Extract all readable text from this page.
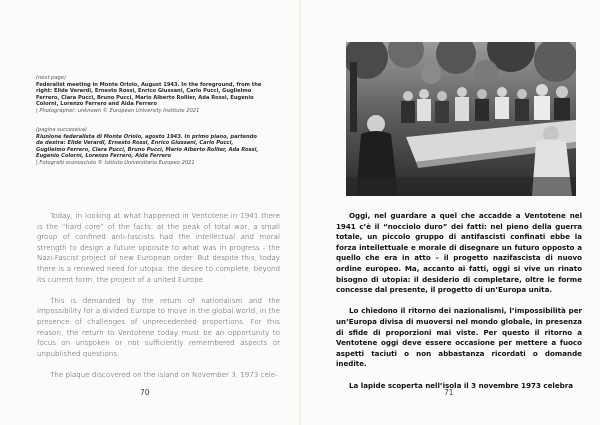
(next page)

Federalist meeting in Monte Oriolo, August 1943. In the foreground, from the right: Elide Verardi, Ernesto Rossi, Enrico Giussani, Carlo Pucci, Guglielmo Ferrero, Clara Pucci, Bruno Pucci, Mario Alberto Rollier, Ada Rossi, Eugenio Colorni, Lorenzo Ferrero and Aida Ferrero

| Photographer: unknown © European University Institute 2021

(pagina successiva)

Riunione federalista di Monte Oriolo, agosto 1943. In primo piano, partendo da destra: Elide Verardi, Ernesto Rossi, Enrico Giussani, Carlo Pucci, Guglielmo Ferrero, Clara Pucci, Bruno Pucci, Mario Alberto Rollier, Ada Rossi, Eugenio Colorni, Lorenzo Ferrero, Aida Ferrero

| Fotografo sconosciuto © Istituto Universitario Europeo 2021

Today, in looking at what happened in Ventotene in 1941 there is the “hard core” of the facts: at the peak of total war, a small group of confined anti-fascists had the intellectual and moral strength to design a future opposite to what was in progress - the Nazi-Fascist project of new European order. But despite this, today there is a renewed need for utopia: the desire to complete, beyond its current form, the project of a united Europe.

This is demanded by the return of nationalism and the impossibility for a divided Europe to move in the global world, in the presence of challenges of unprecedented proportions. For this reason, the return to Ventotene today must be an opportunity to focus on unspoken or not sufficiently remembered aspects or unpublished questions.

The plaque discovered on the island on November 3, 1973 cele-

70

Oggi, nel guardare a quel che accadde a Ventotene nel 1941 c’è il “nocciolo duro” dei fatti: nel pieno della guerra totale, un piccolo gruppo di antifascisti confinati ebbe la forza intellettuale e morale di disegnare un futuro opposto a quello che era in atto – il progetto nazifascista di nuovo ordine europeo. Ma, accanto ai fatti, oggi si vive un rinato bisogno di utopia: il desiderio di completare, oltre le forme concesse dal presente, il progetto di un’Europa unita.

Lo chiedono il ritorno dei nazionalismi, l’impossibilità per un’Europa divisa di muoversi nel mondo globale, in presenza di sfide di proporzioni mai viste. Per questo il ritorno a Ventotene oggi deve essere occasione per mettere a fuoco aspetti taciuti o non abbastanza ricordati o domande inedite.

La lapide scoperta nell’isola il 3 novembre 1973 celebra

71
